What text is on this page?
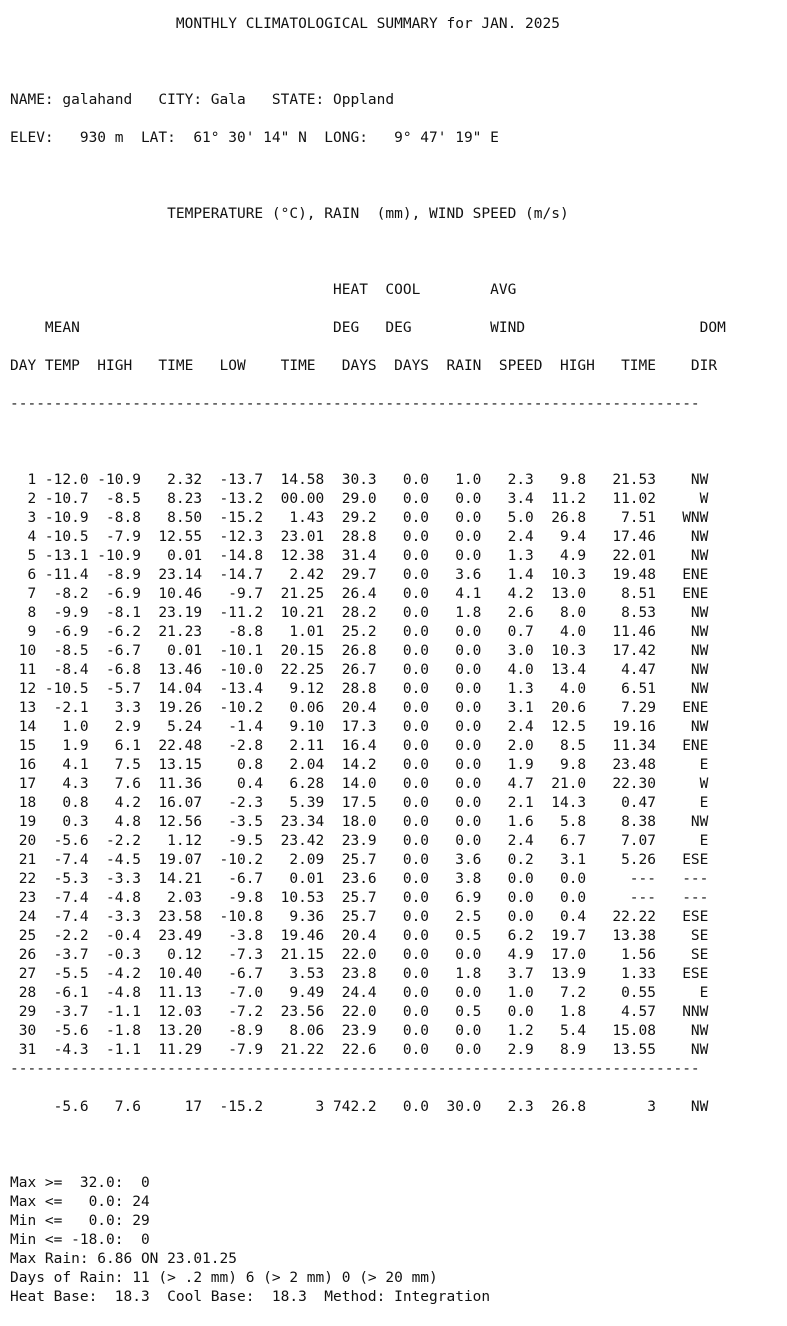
MONTHLY CLIMATOLOGICAL SUMMARY for JAN. 2025

NAME: galahand   CITY: Gala   STATE: Oppland

ELEV:   930 m  LAT:  61° 30' 14" N  LONG:   9° 47' 19" E

TEMPERATURE (°C), RAIN  (mm), WIND SPEED (m/s)

HEAT  COOL        AVG

MEAN                             DEG   DEG         WIND                    DOM

DAY TEMP  HIGH   TIME   LOW    TIME   DAYS  DAYS  RAIN  SPEED  HIGH   TIME    DIR

-------------------------------------------------------------------------------

1 -12.0 -10.9   2.32  -13.7  14.58  30.3   0.0   1.0   2.3   9.8   21.53    NW
2 -10.7  -8.5   8.23  -13.2  00.00  29.0   0.0   0.0   3.4  11.2   11.02     W
3 -10.9  -8.8   8.50  -15.2   1.43  29.2   0.0   0.0   5.0  26.8    7.51   WNW
4 -10.5  -7.9  12.55  -12.3  23.01  28.8   0.0   0.0   2.4   9.4   17.46    NW
5 -13.1 -10.9   0.01  -14.8  12.38  31.4   0.0   0.0   1.3   4.9   22.01    NW
6 -11.4  -8.9  23.14  -14.7   2.42  29.7   0.0   3.6   1.4  10.3   19.48   ENE
7  -8.2  -6.9  10.46   -9.7  21.25  26.4   0.0   4.1   4.2  13.0    8.51   ENE
8  -9.9  -8.1  23.19  -11.2  10.21  28.2   0.0   1.8   2.6   8.0    8.53    NW
9  -6.9  -6.2  21.23   -8.8   1.01  25.2   0.0   0.0   0.7   4.0   11.46    NW
10  -8.5  -6.7   0.01  -10.1  20.15  26.8   0.0   0.0   3.0  10.3   17.42    NW
11  -8.4  -6.8  13.46  -10.0  22.25  26.7   0.0   0.0   4.0  13.4    4.47    NW
12 -10.5  -5.7  14.04  -13.4   9.12  28.8   0.0   0.0   1.3   4.0    6.51    NW
13  -2.1   3.3  19.26  -10.2   0.06  20.4   0.0   0.0   3.1  20.6    7.29   ENE
14   1.0   2.9   5.24   -1.4   9.10  17.3   0.0   0.0   2.4  12.5   19.16    NW
15   1.9   6.1  22.48   -2.8   2.11  16.4   0.0   0.0   2.0   8.5   11.34   ENE
16   4.1   7.5  13.15    0.8   2.04  14.2   0.0   0.0   1.9   9.8   23.48     E
17   4.3   7.6  11.36    0.4   6.28  14.0   0.0   0.0   4.7  21.0   22.30     W
18   0.8   4.2  16.07   -2.3   5.39  17.5   0.0   0.0   2.1  14.3    0.47     E
19   0.3   4.8  12.56   -3.5  23.34  18.0   0.0   0.0   1.6   5.8    8.38    NW
20  -5.6  -2.2   1.12   -9.5  23.42  23.9   0.0   0.0   2.4   6.7    7.07     E
21  -7.4  -4.5  19.07  -10.2   2.09  25.7   0.0   3.6   0.2   3.1    5.26   ESE
22  -5.3  -3.3  14.21   -6.7   0.01  23.6   0.0   3.8   0.0   0.0     ---   ---
23  -7.4  -4.8   2.03   -9.8  10.53  25.7   0.0   6.9   0.0   0.0     ---   ---
24  -7.4  -3.3  23.58  -10.8   9.36  25.7   0.0   2.5   0.0   0.4   22.22   ESE
25  -2.2  -0.4  23.49   -3.8  19.46  20.4   0.0   0.5   6.2  19.7   13.38    SE
26  -3.7  -0.3   0.12   -7.3  21.15  22.0   0.0   0.0   4.9  17.0    1.56    SE
27  -5.5  -4.2  10.40   -6.7   3.53  23.8   0.0   1.8   3.7  13.9    1.33   ESE
28  -6.1  -4.8  11.13   -7.0   9.49  24.4   0.0   0.0   1.0   7.2    0.55     E
29  -3.7  -1.1  12.03   -7.2  23.56  22.0   0.0   0.5   0.0   1.8    4.57   NNW
30  -5.6  -1.8  13.20   -8.9   8.06  23.9   0.0   0.0   1.2   5.4   15.08    NW
31  -4.3  -1.1  11.29   -7.9  21.22  22.6   0.0   0.0   2.9   8.9   13.55    NW
-------------------------------------------------------------------------------

-5.6   7.6     17  -15.2      3 742.2   0.0  30.0   2.3  26.8       3    NW

Max >=  32.0:  0
Max <=   0.0: 24
Min <=   0.0: 29
Min <= -18.0:  0
Max Rain: 6.86 ON 23.01.25
Days of Rain: 11 (> .2 mm) 6 (> 2 mm) 0 (> 20 mm)
Heat Base:  18.3  Cool Base:  18.3  Method: Integration
